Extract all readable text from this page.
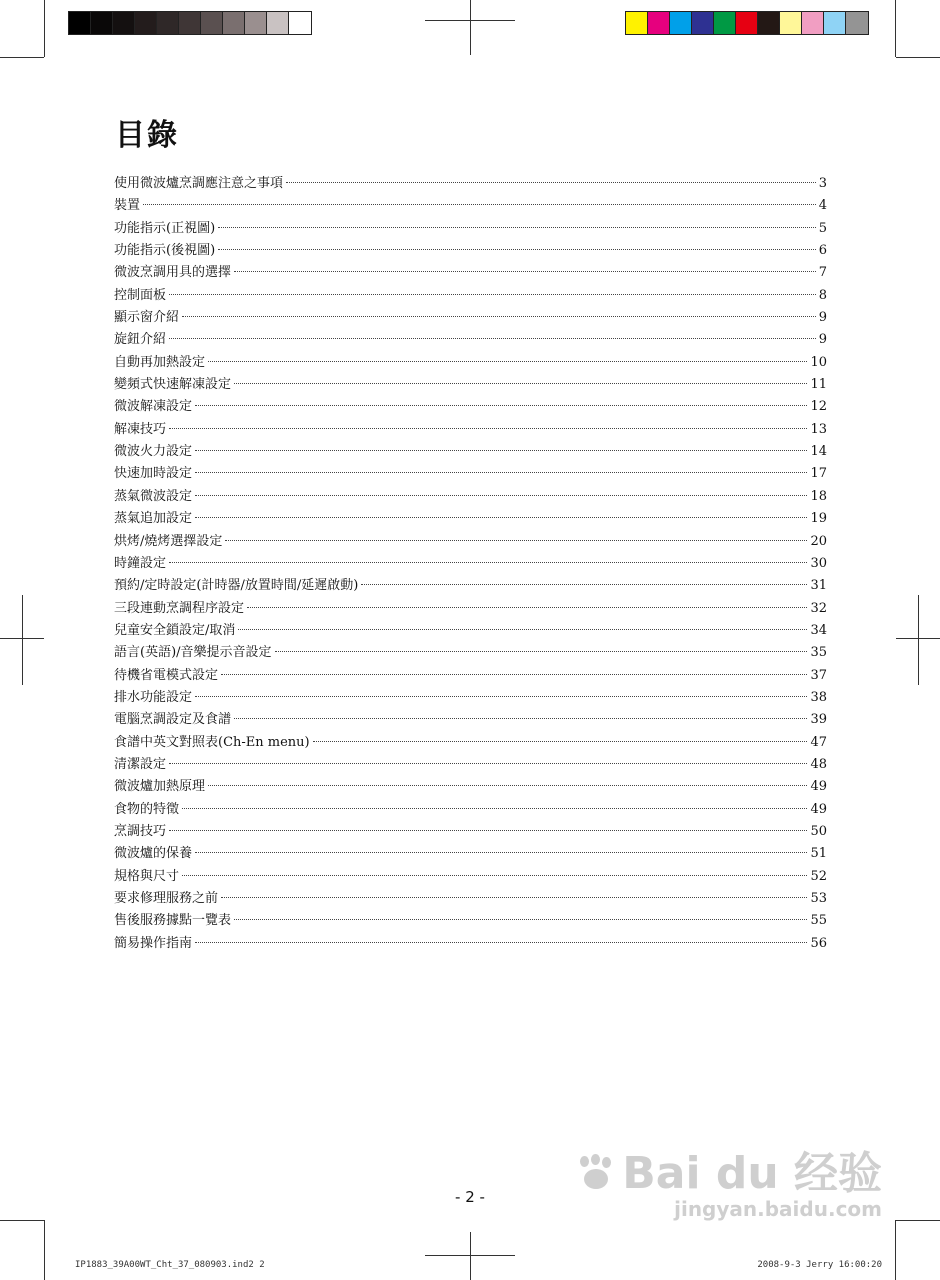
目錄
使用微波爐烹調應注意之事項	3
裝置	4
功能指示(正視圖)	5
功能指示(後視圖)	6
微波烹調用具的選擇	7
控制面板	8
顯示窗介紹	9
旋鈕介紹	9
自動再加熱設定	10
變頻式快速解凍設定	11
微波解凍設定	12
解凍技巧	13
微波火力設定	14
快速加時設定	17
蒸氣微波設定	18
蒸氣追加設定	19
烘烤/燒烤選擇設定	20
時鐘設定	30
預約/定時設定(計時器/放置時間/延遲啟動)	31
三段連動烹調程序設定	32
兒童安全鎖設定/取消	34
語言(英語)/音樂提示音設定	35
待機省電模式設定	37
排水功能設定	38
電腦烹調設定及食譜	39
食譜中英文對照表(Ch-En menu)	47
清潔設定	48
微波爐加熱原理	49
食物的特徵	49
烹調技巧	50
微波爐的保養	51
規格與尺寸	52
要求修理服務之前	53
售後服務據點一覽表	55
簡易操作指南	56
- 2 -
IP1883_39A00WT_Cht_37_080903.ind2 2	2008-9-3 Jerry 16:00:20
Bai du 经验
jingyan.baidu.com
